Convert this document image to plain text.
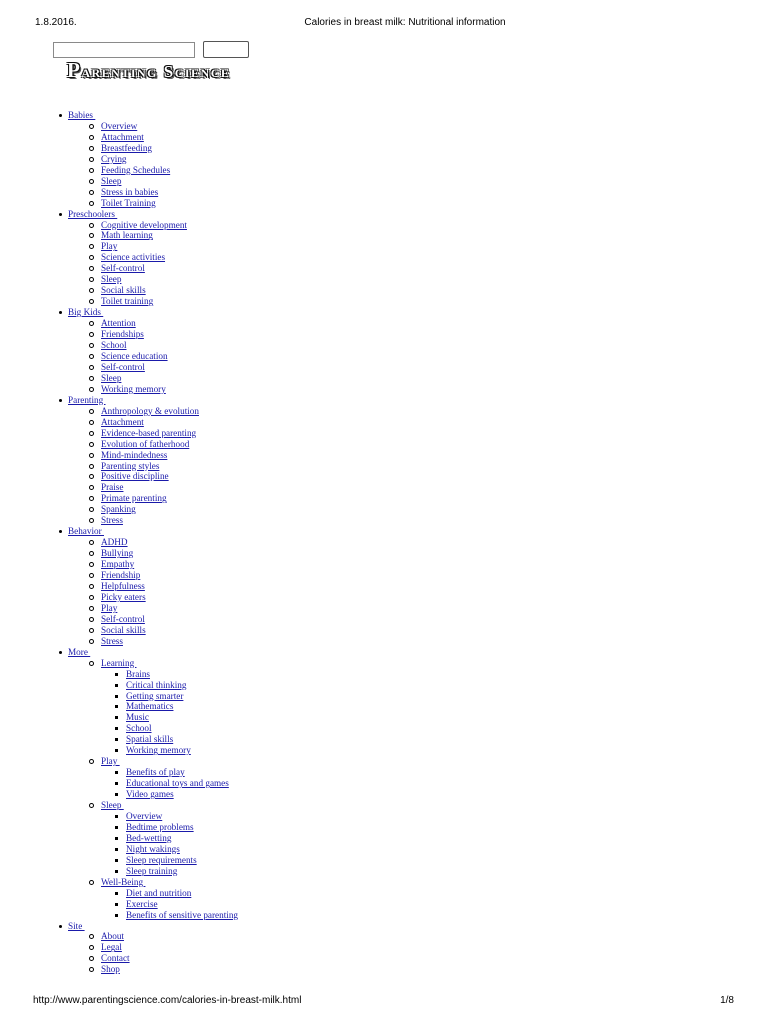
1.8.2016.	Calories in breast milk: Nutritional information
Parenting Science
Babies
Overview
Attachment
Breastfeeding
Crying
Feeding Schedules
Sleep
Stress in babies
Toilet Training
Preschoolers
Cognitive development
Math learning
Play
Science activities
Self-control
Sleep
Social skills
Toilet training
Big Kids
Attention
Friendships
School
Science education
Self-control
Sleep
Working memory
Parenting
Anthropology & evolution
Attachment
Evidence-based parenting
Evolution of fatherhood
Mind-mindedness
Parenting styles
Positive discipline
Praise
Primate parenting
Spanking
Stress
Behavior
ADHD
Bullying
Empathy
Friendship
Helpfulness
Picky eaters
Play
Self-control
Social skills
Stress
More
Learning
Brains
Critical thinking
Getting smarter
Mathematics
Music
School
Spatial skills
Working memory
Play
Benefits of play
Educational toys and games
Video games
Sleep
Overview
Bedtime problems
Bed-wetting
Night wakings
Sleep requirements
Sleep training
Well-Being
Diet and nutrition
Exercise
Benefits of sensitive parenting
Site
About
Legal
Contact
Shop
http://www.parentingscience.com/calories-in-breast-milk.html	1/8
